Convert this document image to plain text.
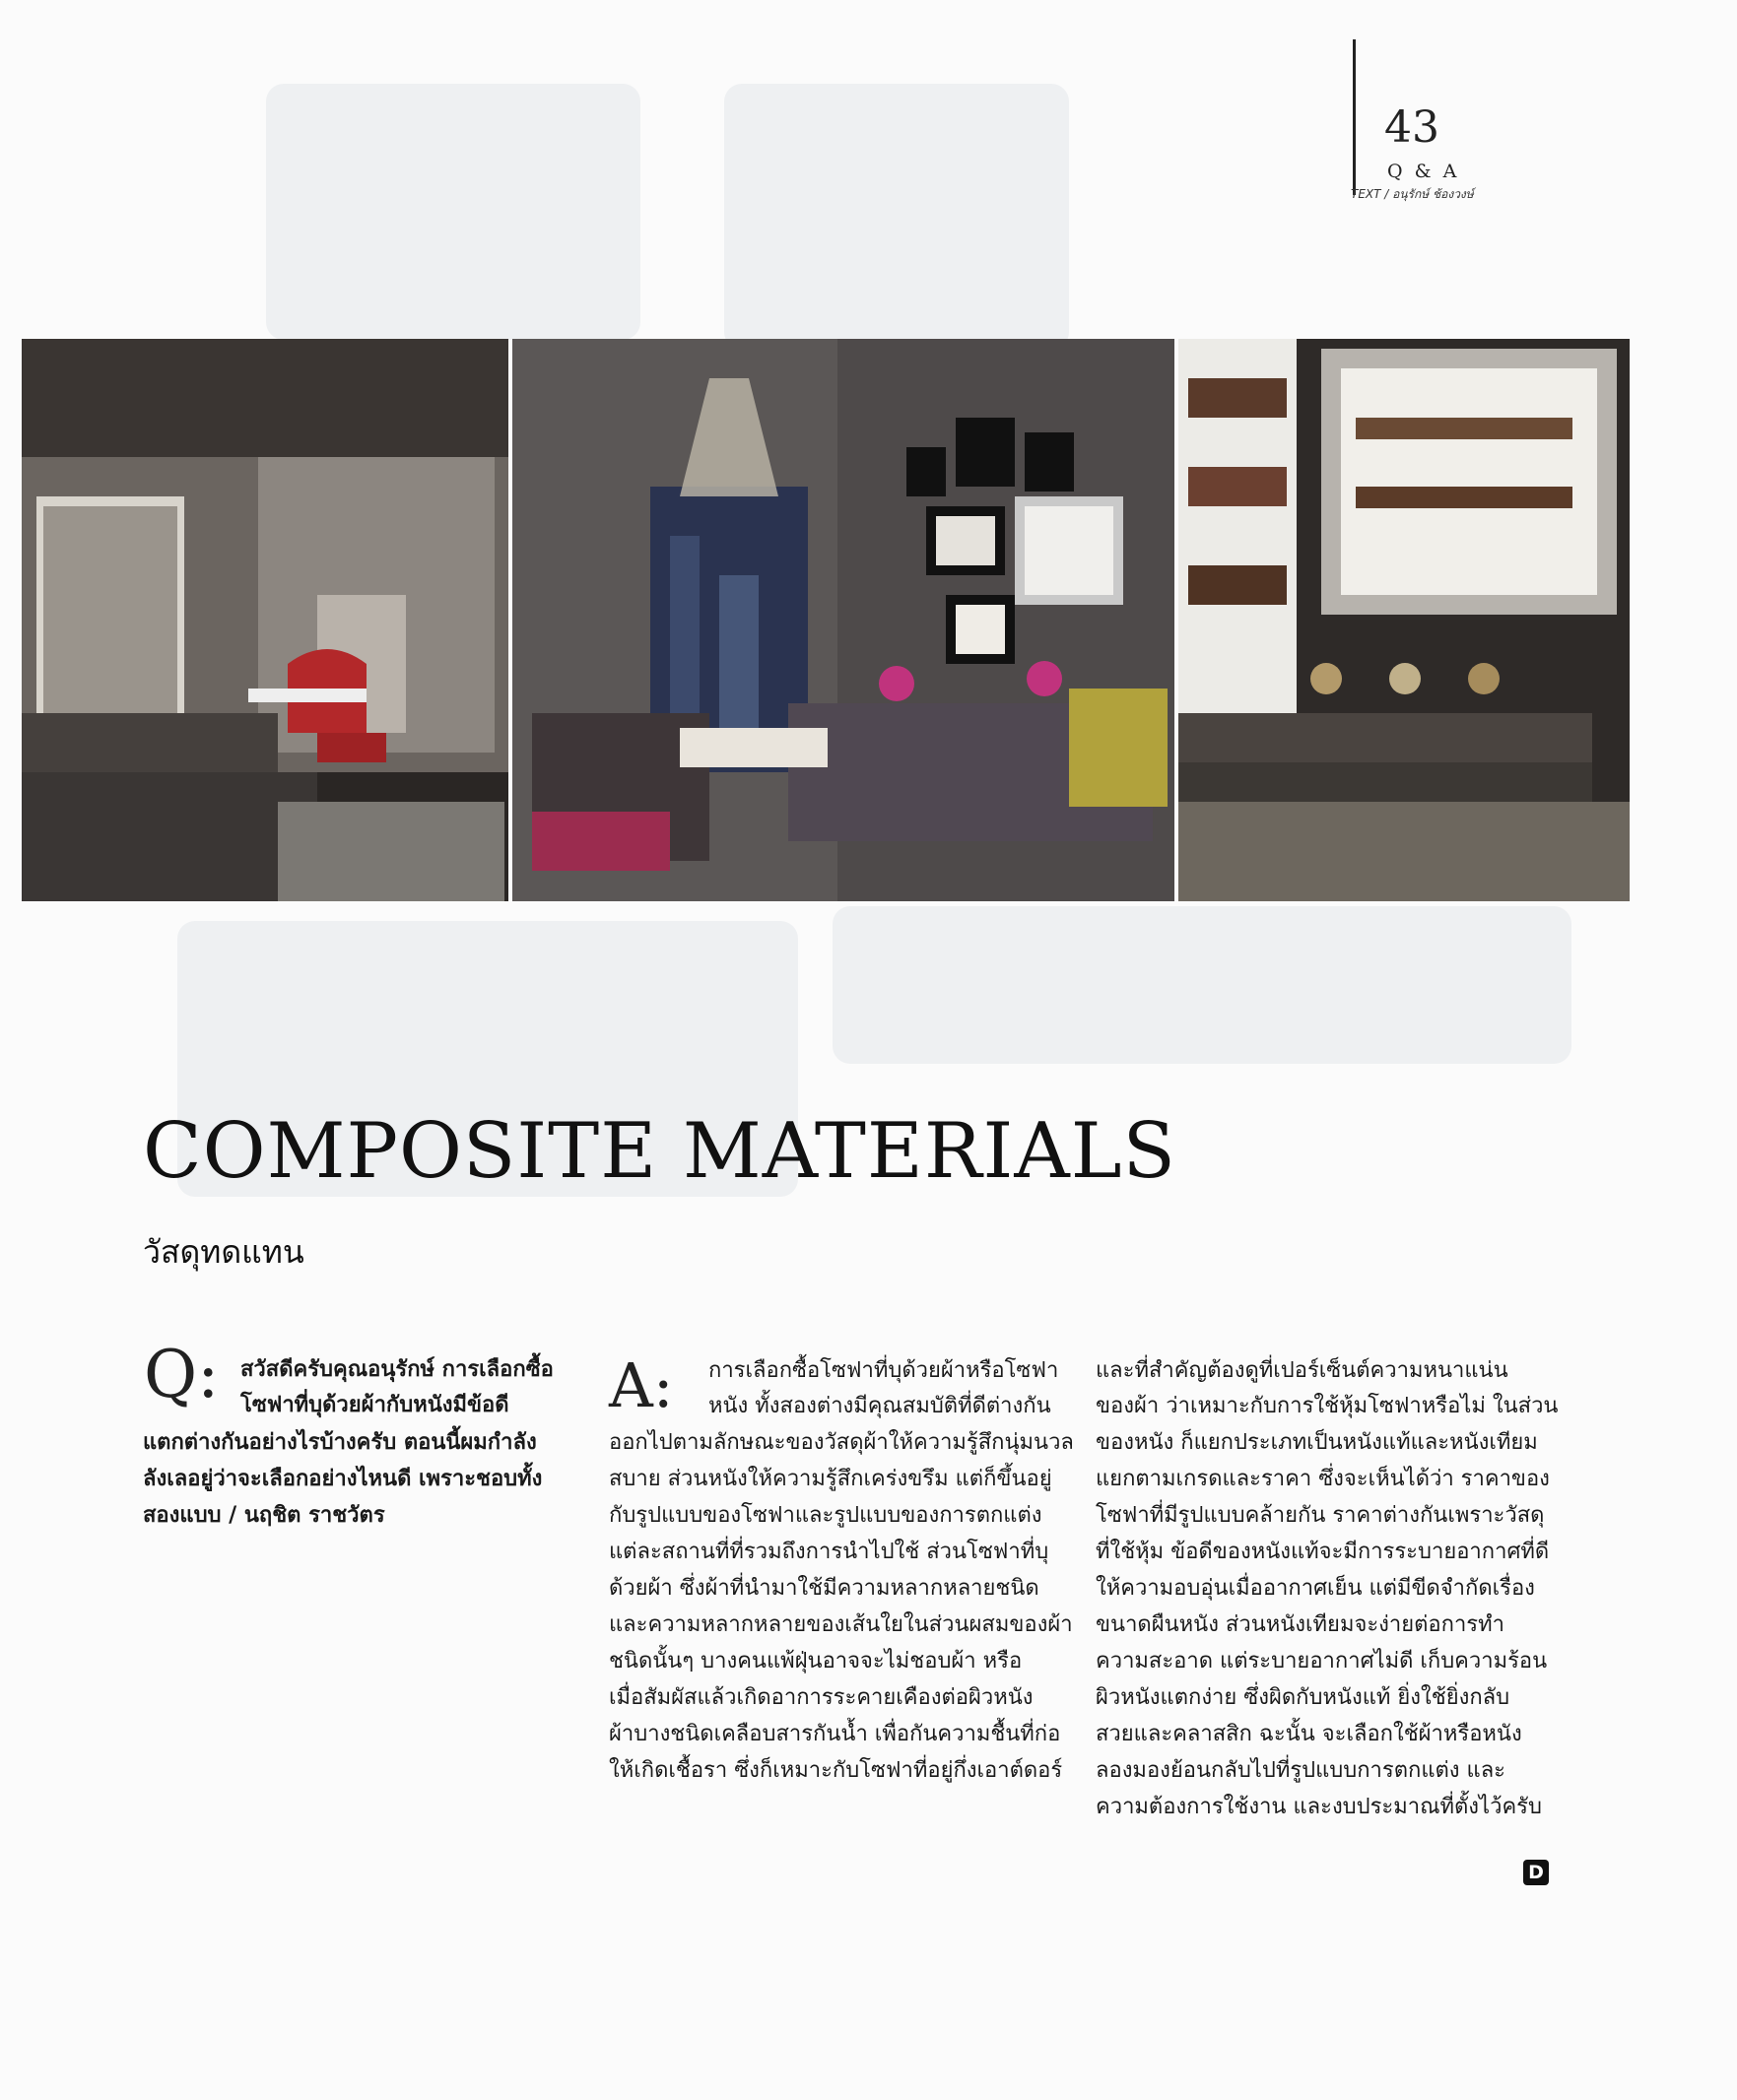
43
Q & A
TEXT / อนุรักษ์ ช้องวงษ์
COMPOSITE MATERIALS
วัสดุทดแทน
Q:	A:
สวัสดีครับคุณอนุรักษ์ การเลือกซื้อ
โซฟาที่บุด้วยผ้ากับหนังมีข้อดี
แตกต่างกันอย่างไรบ้างครับ ตอนนี้ผมกำลัง
ลังเลอยู่ว่าจะเลือกอย่างไหนดี เพราะชอบทั้ง
สองแบบ / นฤชิต ราชวัตร
การเลือกซื้อโซฟาที่บุด้วยผ้าหรือโซฟา
หนัง ทั้งสองต่างมีคุณสมบัติที่ดีต่างกัน
ออกไปตามลักษณะของวัสดุผ้าให้ความรู้สึกนุ่มนวล
สบาย ส่วนหนังให้ความรู้สึกเคร่งขรึม แต่ก็ขึ้นอยู่
กับรูปแบบของโซฟาและรูปแบบของการตกแต่ง
แต่ละสถานที่ที่รวมถึงการนำไปใช้ ส่วนโซฟาที่บุ
ด้วยผ้า ซึ่งผ้าที่นำมาใช้มีความหลากหลายชนิด
และความหลากหลายของเส้นใยในส่วนผสมของผ้า
ชนิดนั้นๆ บางคนแพ้ฝุ่นอาจจะไม่ชอบผ้า หรือ
เมื่อสัมผัสแล้วเกิดอาการระคายเคืองต่อผิวหนัง
ผ้าบางชนิดเคลือบสารกันน้ำ เพื่อกันความชื้นที่ก่อ
ให้เกิดเชื้อรา ซึ่งก็เหมาะกับโซฟาที่อยู่กึ่งเอาต์ดอร์
และที่สำคัญต้องดูที่เปอร์เซ็นต์ความหนาแน่น
ของผ้า ว่าเหมาะกับการใช้หุ้มโซฟาหรือไม่ ในส่วน
ของหนัง ก็แยกประเภทเป็นหนังแท้และหนังเทียม
แยกตามเกรดและราคา ซึ่งจะเห็นได้ว่า ราคาของ
โซฟาที่มีรูปแบบคล้ายกัน ราคาต่างกันเพราะวัสดุ
ที่ใช้หุ้ม ข้อดีของหนังแท้จะมีการระบายอากาศที่ดี
ให้ความอบอุ่นเมื่ออากาศเย็น แต่มีขีดจำกัดเรื่อง
ขนาดผืนหนัง ส่วนหนังเทียมจะง่ายต่อการทำ
ความสะอาด แต่ระบายอากาศไม่ดี เก็บความร้อน
ผิวหนังแตกง่าย ซึ่งผิดกับหนังแท้ ยิ่งใช้ยิ่งกลับ
สวยและคลาสสิก ฉะนั้น จะเลือกใช้ผ้าหรือหนัง
ลองมองย้อนกลับไปที่รูปแบบการตกแต่ง และ
ความต้องการใช้งาน และงบประมาณที่ตั้งไว้ครับ
D
